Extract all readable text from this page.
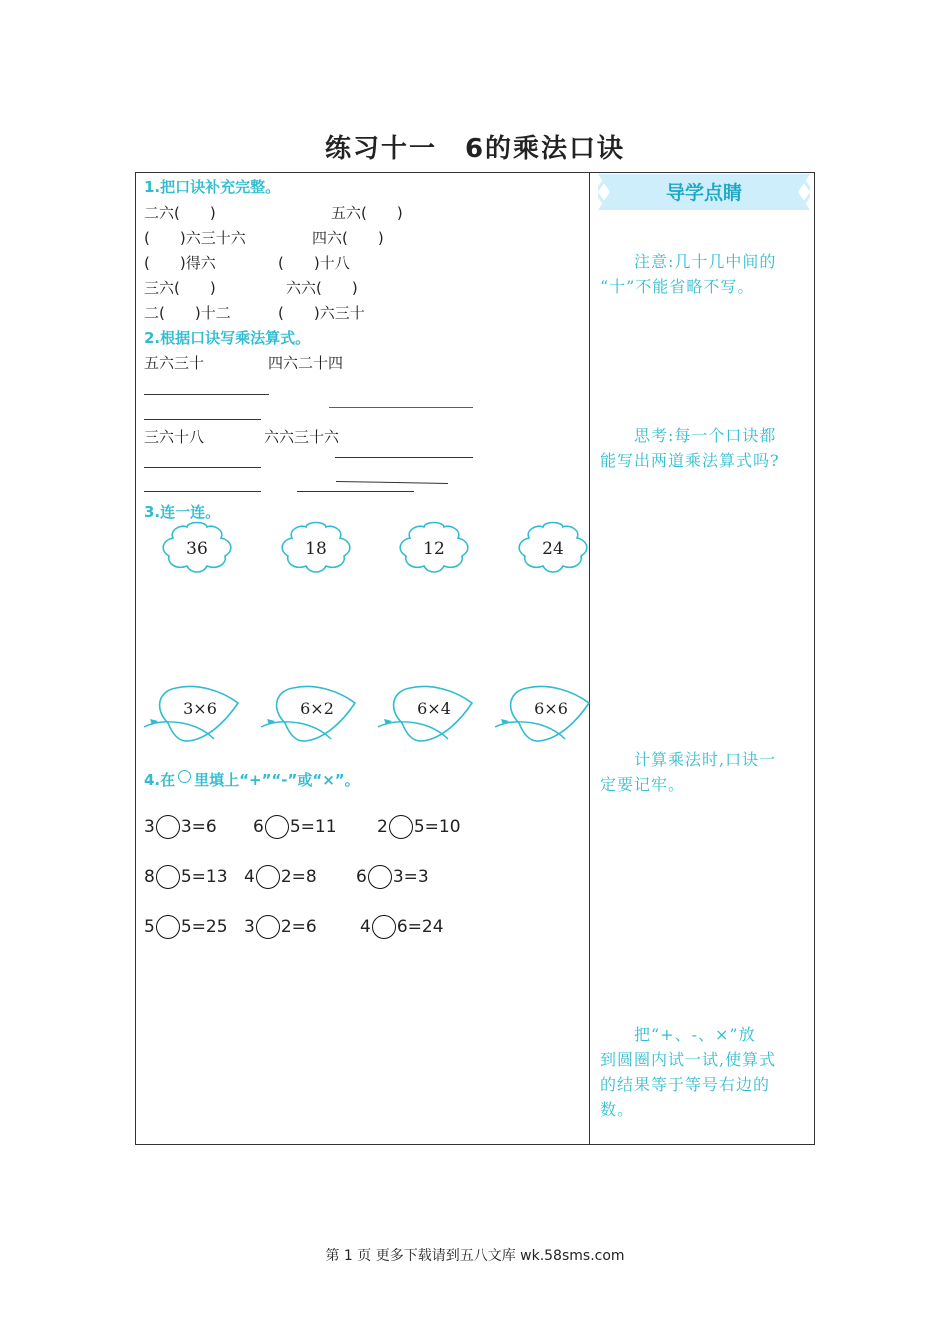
练习十一　6的乘法口诀
1.把口诀补充完整。
二六(　　)	五六(　　)
(　　)六三十六	四六(　　)
(　　)得六	(　　)十八
三六(　　)	六六(　　)
二(　　)十二	(　　)六三十
2.根据口诀写乘法算式。
五六三十	四六二十四
三六十八	六六三十六
3.连一连。
36	18	12	24
3×6	6×2	6×4	6×6
4.在 里填上“+”“-”或“×”。
3 3=6 6 5=11 2 5=10
8 5=13 4 2=8 6 3=3
5 5=25 3 2=6	4 6=24
导学点睛
　　注意:几十几中间的
“十”不能省略不写。
　　思考:每一个口诀都
能写出两道乘法算式吗?
　　计算乘法时,口诀一
定要记牢。
　　把“+、-、×”放
到圆圈内试一试,使算式
的结果等于等号右边的
数。
第 1 页 更多下载请到五八文库 wk.58sms.com
